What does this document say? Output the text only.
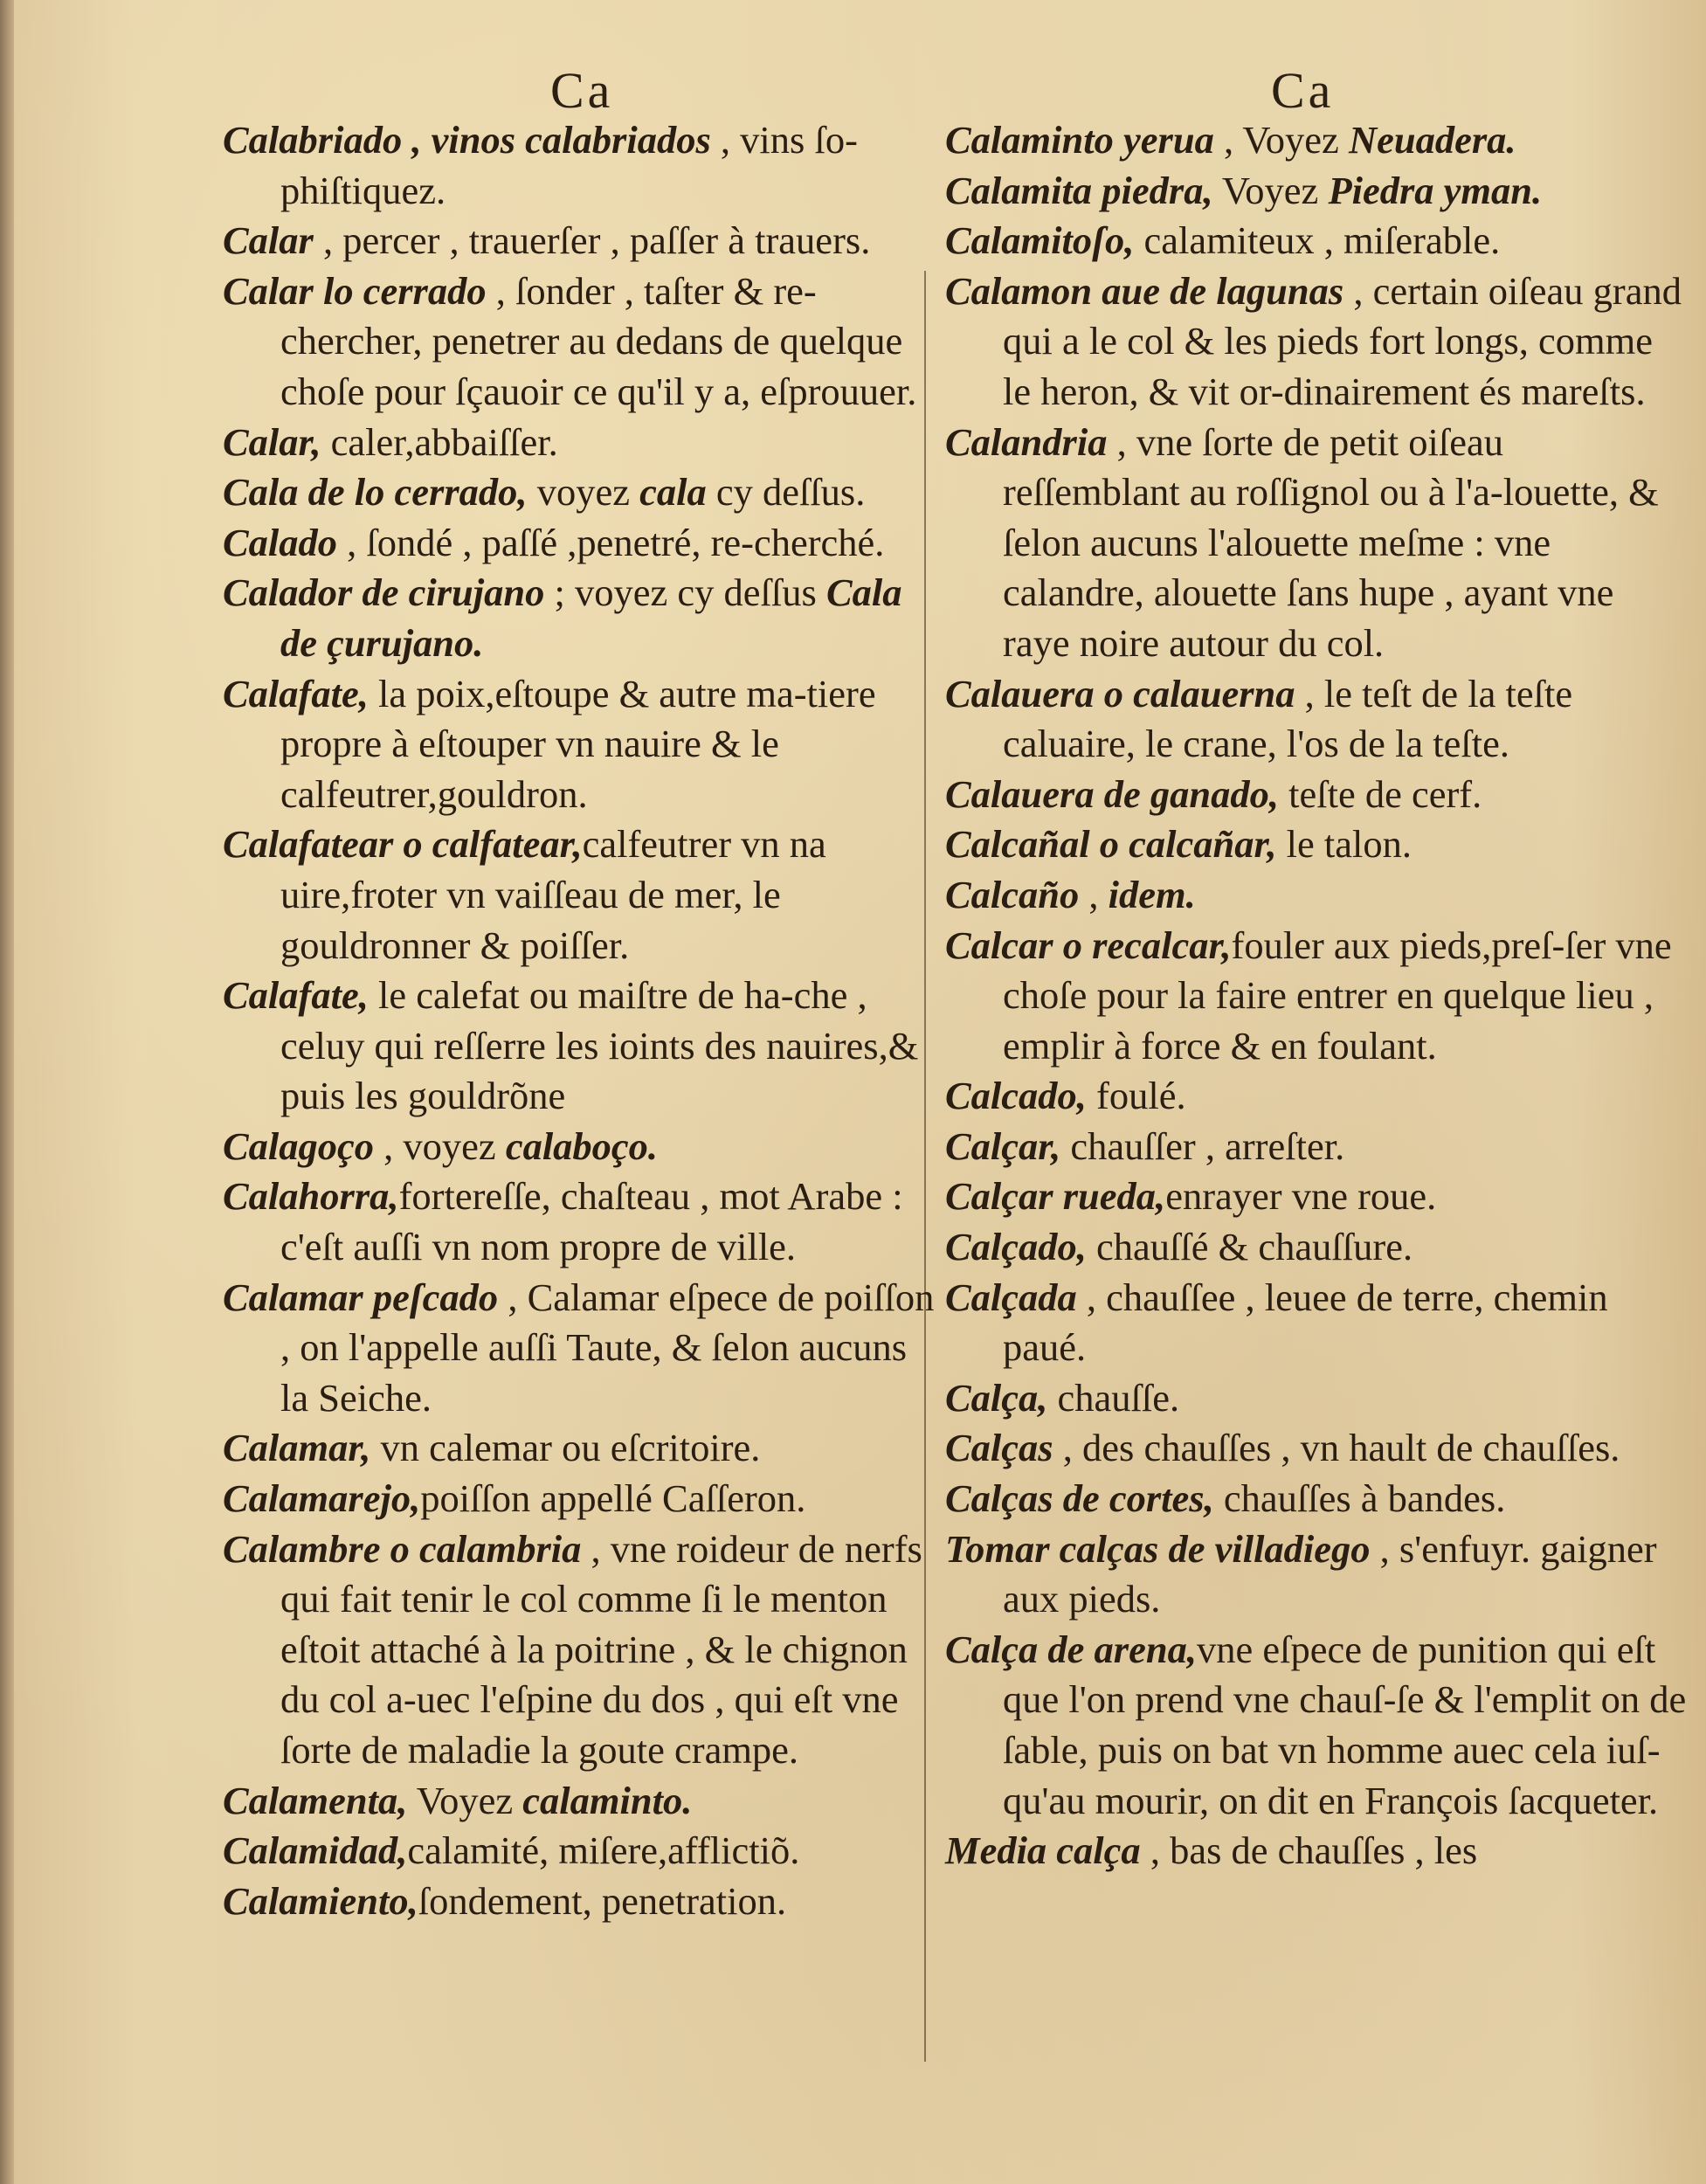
Ca	Ca

Calabriado , vinos calabriados , vins ſo-phiſtiquez.

Calar , percer , trauerſer , paſſer à trauers.

Calar lo cerrado , ſonder , taſter & re-chercher, penetrer au dedans de quelque choſe pour ſçauoir ce qu'il y a, eſprouuer.

Calar, caler,abbaiſſer.

Cala de lo cerrado, voyez cala cy deſſus.

Calado , ſondé , paſſé ,penetré, re-cherché.

Calador de cirujano ; voyez cy deſſus Cala de çurujano.

Calafate, la poix,eſtoupe & autre ma-tiere propre à eſtouper vn nauire & le calfeutrer,gouldron.

Calafatear o calfatear,calfeutrer vn na uire,froter vn vaiſſeau de mer, le gouldronner & poiſſer.

Calafate, le calefat ou maiſtre de ha-che , celuy qui reſſerre les ioints des nauires,& puis les gouldrõne

Calagoço , voyez calaboço.

Calahorra,fortereſſe, chaſteau , mot Arabe : c'eſt auſſi vn nom propre de ville.

Calamar peſcado , Calamar eſpece de poiſſon , on l'appelle auſſi Taute, & ſelon aucuns la Seiche.

Calamar, vn calemar ou eſcritoire.

Calamarejo,poiſſon appellé Caſſeron.

Calambre o calambria , vne roideur de nerfs qui fait tenir le col comme ſi le menton eſtoit attaché à la poitrine , & le chignon du col a-uec l'eſpine du dos , qui eſt vne ſorte de maladie la goute crampe.

Calamenta, Voyez calaminto.

Calamidad,calamité, miſere,afflictiõ.

Calamiento,ſondement, penetration.

Calaminto yerua , Voyez Neuadera.

Calamita piedra, Voyez Piedra yman.

Calamitoſo, calamiteux , miſerable.

Calamon aue de lagunas , certain oiſeau grand qui a le col & les pieds fort longs, comme le heron, & vit or-dinairement és mareſts.

Calandria , vne ſorte de petit oiſeau reſſemblant au roſſignol ou à l'a-louette, & ſelon aucuns l'alouette meſme : vne calandre, alouette ſans hupe , ayant vne raye noire autour du col.

Calauera o calauerna , le teſt de la teſte caluaire, le crane, l'os de la teſte.

Calauera de ganado, teſte de cerf.

Calcañal o calcañar, le talon.

Calcaño , idem.

Calcar o recalcar,fouler aux pieds,preſ-ſer vne choſe pour la faire entrer en quelque lieu , emplir à force & en foulant.

Calcado, foulé.

Calçar, chauſſer , arreſter.

Calçar rueda,enrayer vne roue.

Calçado, chauſſé & chauſſure.

Calçada , chauſſee , leuee de terre, chemin paué.

Calça, chauſſe.

Calças , des chauſſes , vn hault de chauſſes.

Calças de cortes, chauſſes à bandes.

Tomar calças de villadiego , s'enfuyr. gaigner aux pieds.

Calça de arena,vne eſpece de punition qui eſt que l'on prend vne chauſ-ſe & l'emplit on de ſable, puis on bat vn homme auec cela iuſ-qu'au mourir, on dit en François ſacqueter.

Media calça , bas de chauſſes , les
